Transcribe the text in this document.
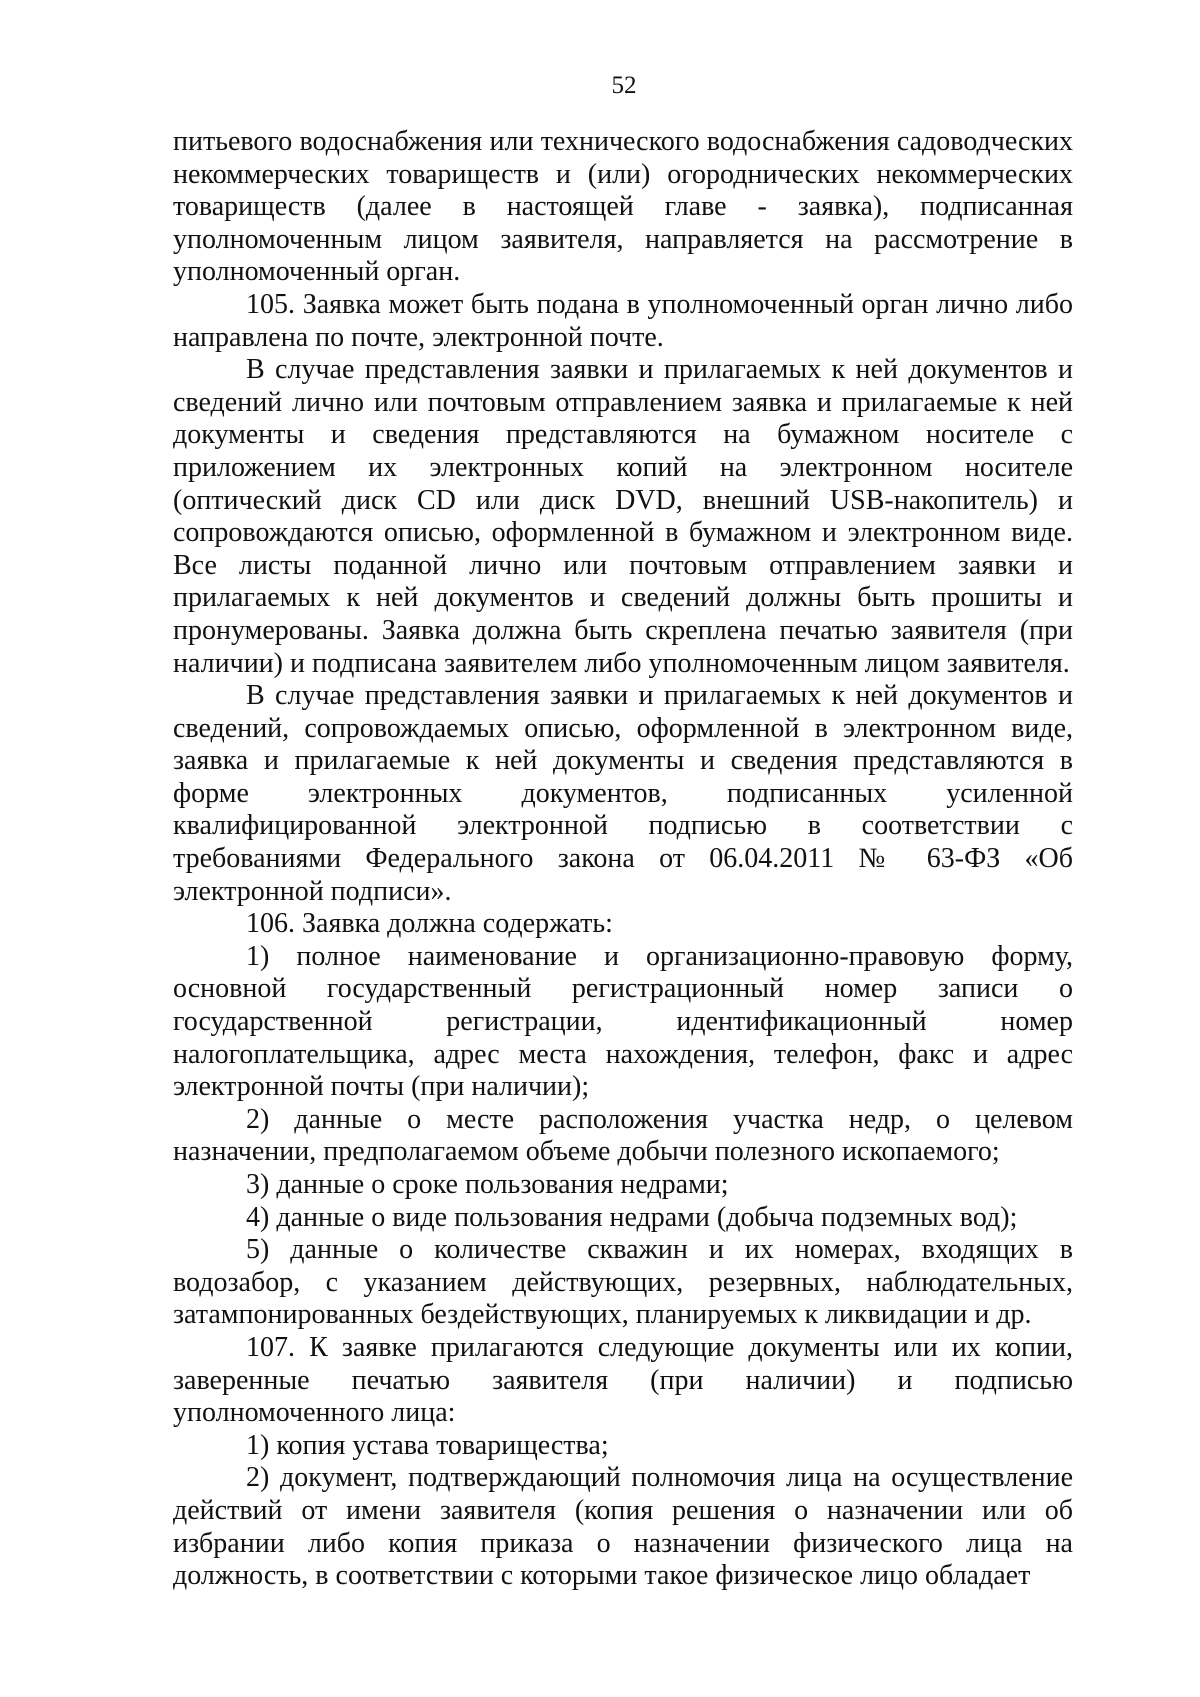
52

питьевого водоснабжения или технического водоснабжения садоводческих некоммерческих товариществ и (или) огороднических некоммерческих товариществ (далее в настоящей главе - заявка), подписанная уполномоченным лицом заявителя, направляется на рассмотрение в уполномоченный орган.

105. Заявка может быть подана в уполномоченный орган лично либо направлена по почте, электронной почте.

В случае представления заявки и прилагаемых к ней документов и сведений лично или почтовым отправлением заявка и прилагаемые к ней документы и сведения представляются на бумажном носителе с приложением их электронных копий на электронном носителе (оптический диск CD или диск DVD, внешний USB-накопитель) и сопровождаются описью, оформленной в бумажном и электронном виде. Все листы поданной лично или почтовым отправлением заявки и прилагаемых к ней документов и сведений должны быть прошиты и пронумерованы. Заявка должна быть скреплена печатью заявителя (при наличии) и подписана заявителем либо уполномоченным лицом заявителя.

В случае представления заявки и прилагаемых к ней документов и сведений, сопровождаемых описью, оформленной в электронном виде, заявка и прилагаемые к ней документы и сведения представляются в форме электронных документов, подписанных усиленной квалифицированной электронной подписью в соответствии с требованиями Федерального закона от 06.04.2011 № 63-ФЗ «Об электронной подписи».

106. Заявка должна содержать:

1) полное наименование и организационно-правовую форму, основной государственный регистрационный номер записи о государственной регистрации, идентификационный номер налогоплательщика, адрес места нахождения, телефон, факс и адрес электронной почты (при наличии);

2) данные о месте расположения участка недр, о целевом назначении, предполагаемом объеме добычи полезного ископаемого;

3) данные о сроке пользования недрами;

4) данные о виде пользования недрами (добыча подземных вод);

5) данные о количестве скважин и их номерах, входящих в водозабор, с указанием действующих, резервных, наблюдательных, затампонированных бездействующих, планируемых к ликвидации и др.

107. К заявке прилагаются следующие документы или их копии, заверенные печатью заявителя (при наличии) и подписью уполномоченного лица:

1) копия устава товарищества;

2) документ, подтверждающий полномочия лица на осуществление действий от имени заявителя (копия решения о назначении или об избрании либо копия приказа о назначении физического лица на должность, в соответствии с которыми такое физическое лицо обладает
